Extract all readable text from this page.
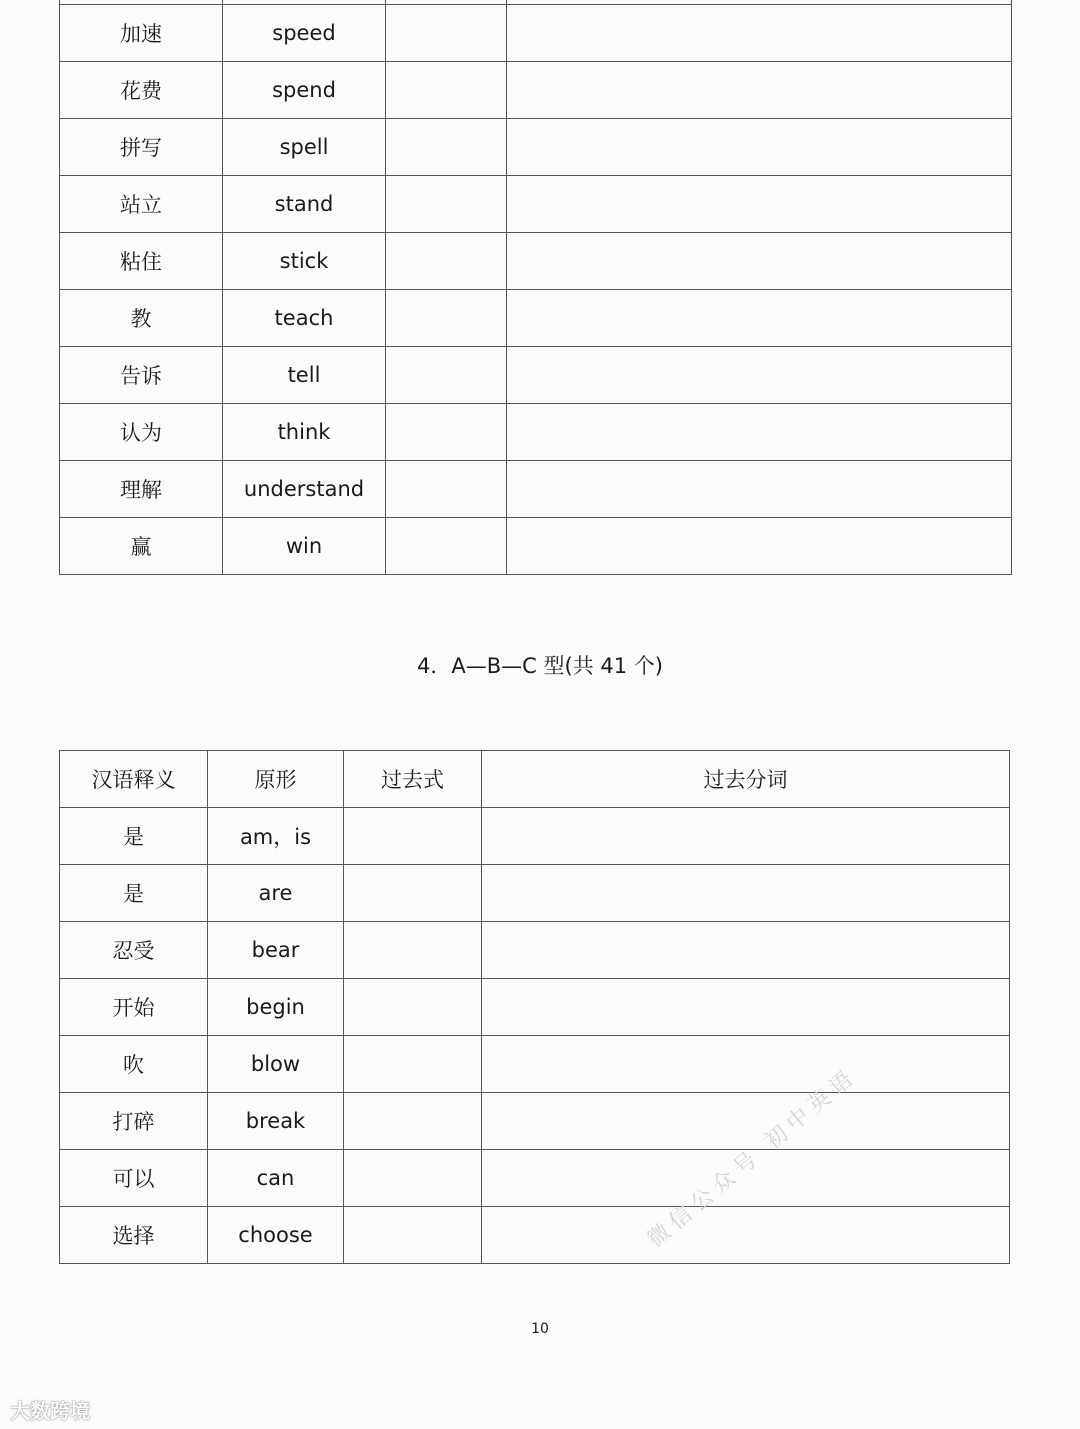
加速	speed		
花费	spend		
拼写	spell		
站立	stand		
粘住	stick		
教	teach		
告诉	tell		
认为	think		
理解	understand		
赢	win		
4．A—B—C 型(共 41 个)
汉语释义	原形	过去式	过去分词
是	am，is		
是	are		
忍受	bear		
开始	begin		
吹	blow		
打碎	break		
可以	can		
选择	choose		
10
微信公众号 初中英语
大数跨境
